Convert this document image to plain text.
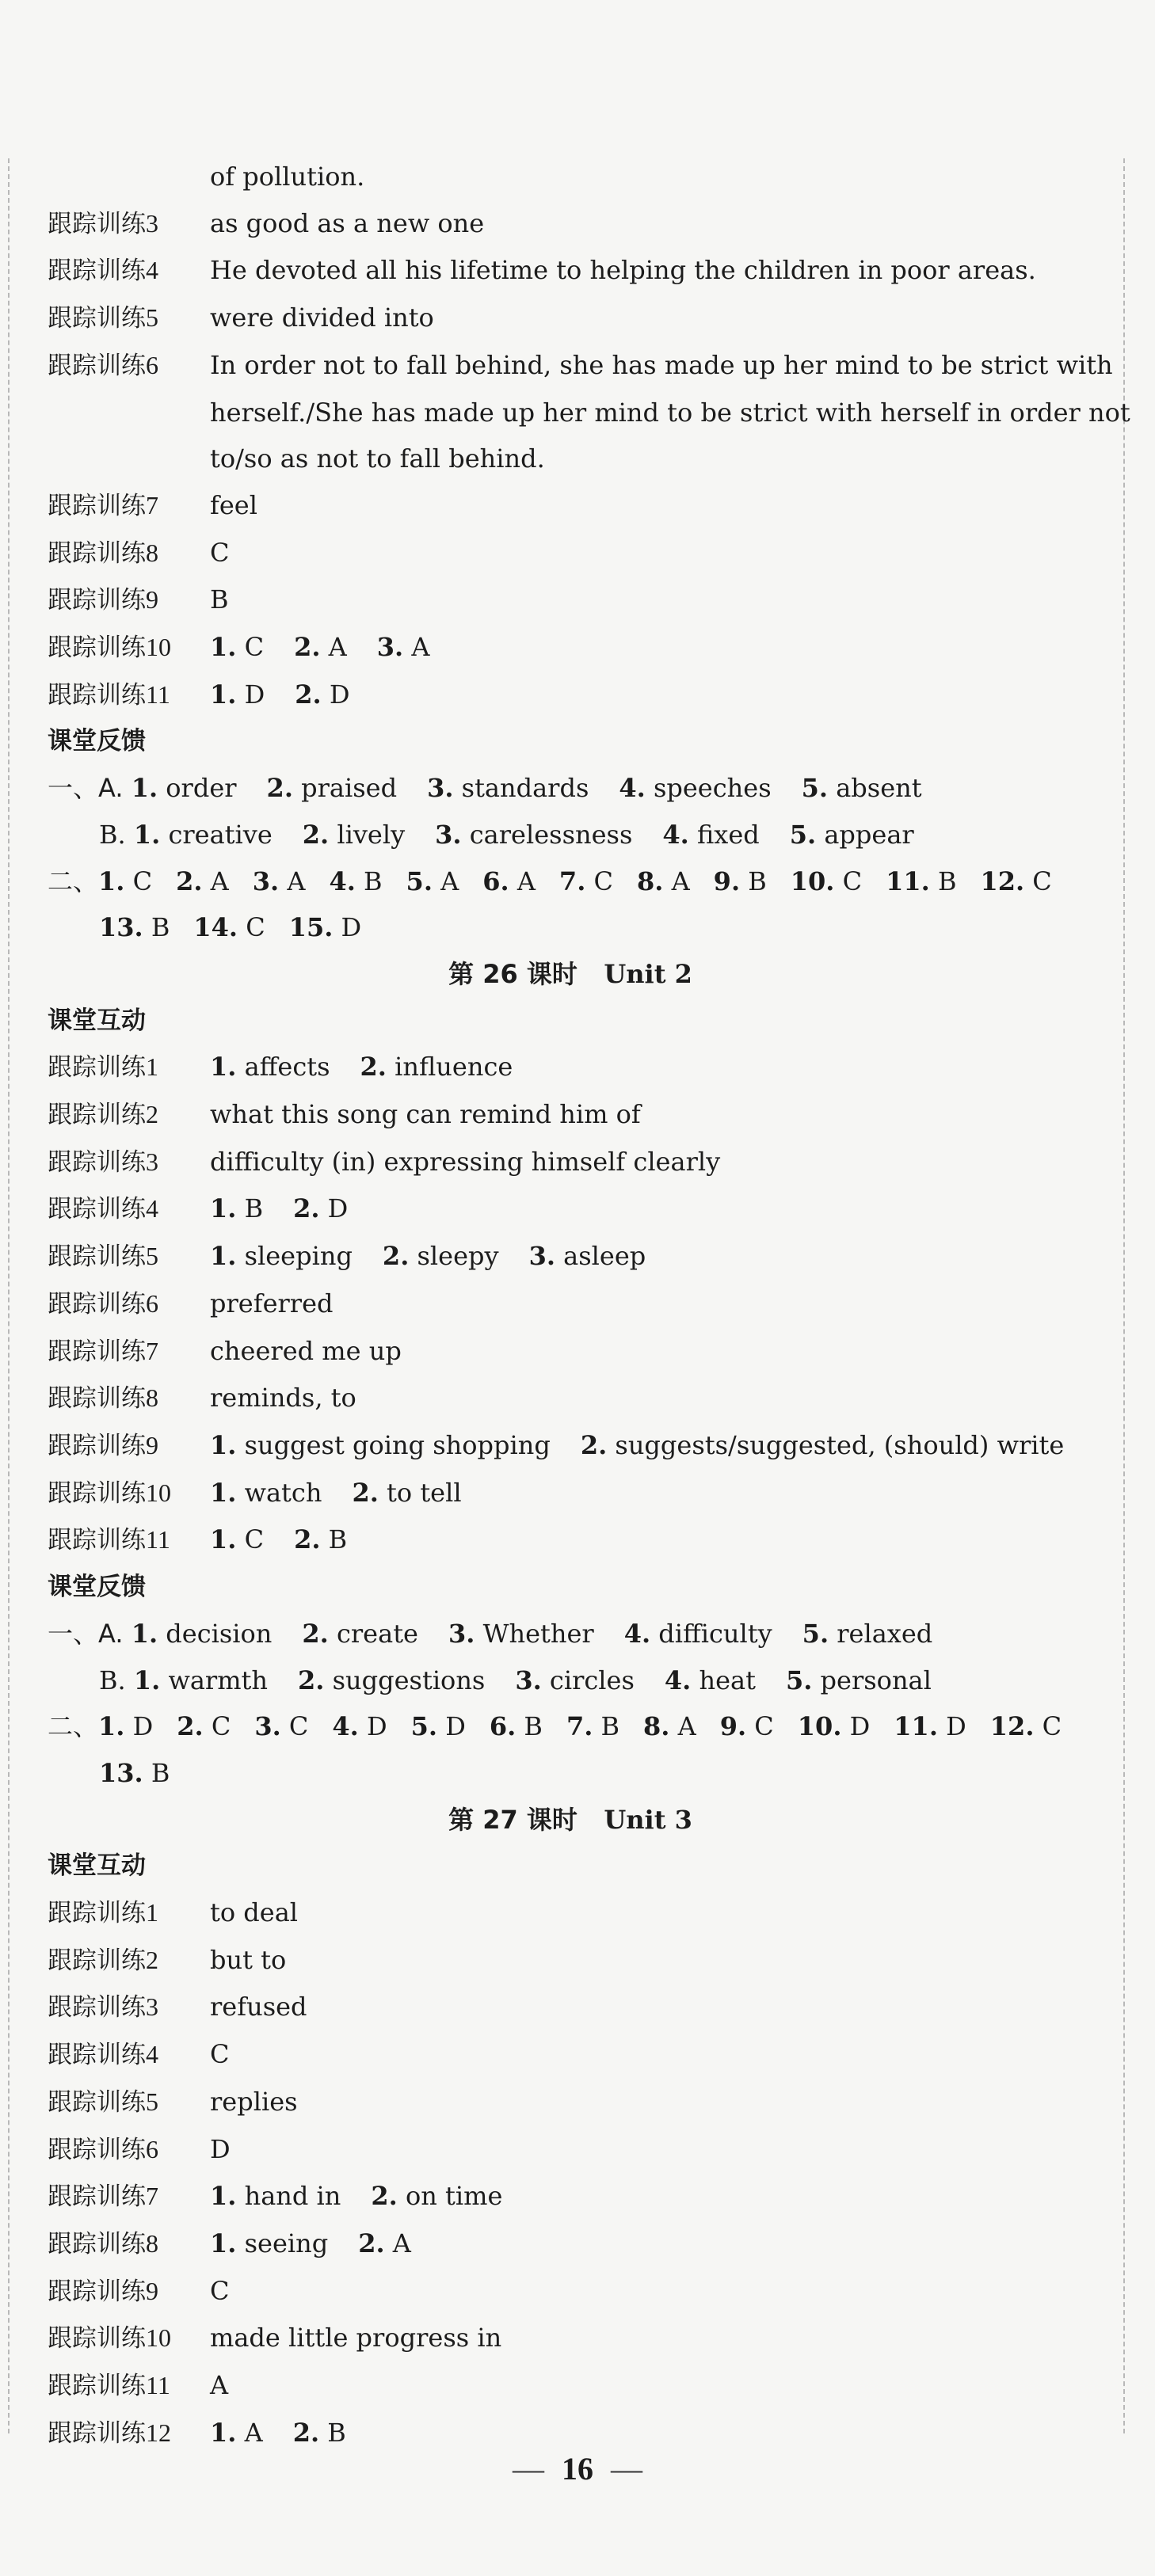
of pollution.
跟踪训练3 as good as a new one
跟踪训练4 He devoted all his lifetime to helping the children in poor areas.
跟踪训练5 were divided into
跟踪训练6 In order not to fall behind, she has made up her mind to be strict with
herself./She has made up her mind to be strict with herself in order not
to/so as not to fall behind.
跟踪训练7 feel
跟踪训练8 C
跟踪训练9 B
跟踪训练10 1. C 2. A 3. A
跟踪训练11 1. D 2. D
课堂反馈
一、A. 1. order 2. praised 3. standards 4. speeches 5. absent
B. 1. creative 2. lively 3. carelessness 4. fixed 5. appear
二、1. C 2. A 3. A 4. B 5. A 6. A 7. C 8. A 9. B 10. C 11. B 12. C
13. B 14. C 15. D
第 26 课时 Unit 2
课堂互动
跟踪训练1 1. affects 2. influence
跟踪训练2 what this song can remind him of
跟踪训练3 difficulty (in) expressing himself clearly
跟踪训练4 1. B 2. D
跟踪训练5 1. sleeping 2. sleepy 3. asleep
跟踪训练6 preferred
跟踪训练7 cheered me up
跟踪训练8 reminds, to
跟踪训练9 1. suggest going shopping 2. suggests/suggested, (should) write
跟踪训练10 1. watch 2. to tell
跟踪训练11 1. C 2. B
课堂反馈
一、A. 1. decision 2. create 3. Whether 4. difficulty 5. relaxed
B. 1. warmth 2. suggestions 3. circles 4. heat 5. personal
二、1. D 2. C 3. C 4. D 5. D 6. B 7. B 8. A 9. C 10. D 11. D 12. C
13. B
第 27 课时 Unit 3
课堂互动
跟踪训练1 to deal
跟踪训练2 but to
跟踪训练3 refused
跟踪训练4 C
跟踪训练5 replies
跟踪训练6 D
跟踪训练7 1. hand in 2. on time
跟踪训练8 1. seeing 2. A
跟踪训练9 C
跟踪训练10 made little progress in
跟踪训练11 A
跟踪训练12 1. A 2. B
— 16 —
